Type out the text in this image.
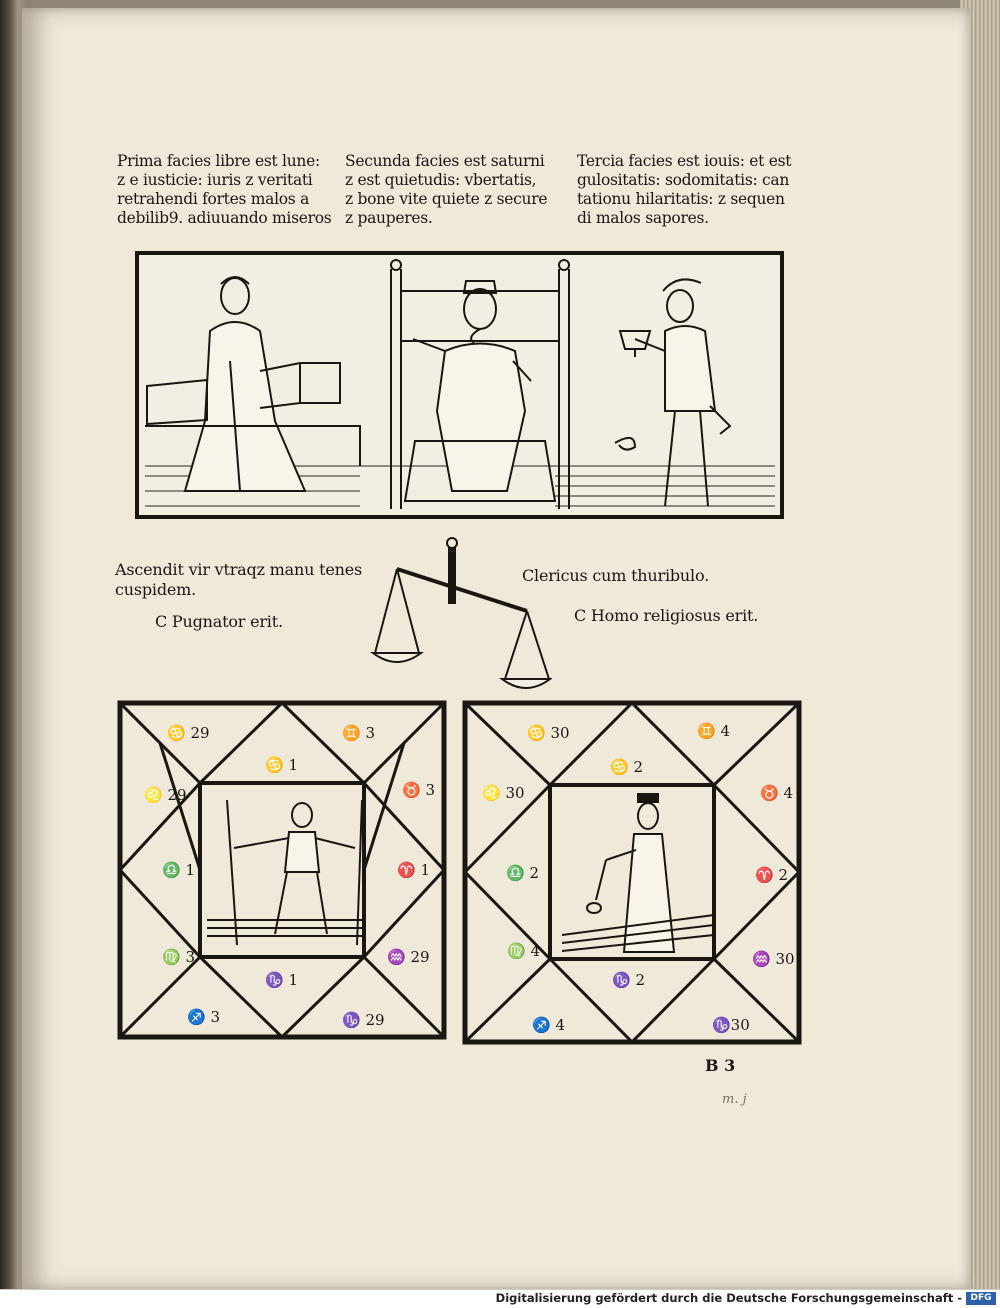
Prima facies libre est lune:
z e iusticie: iuris z veritati
retrahendi fortes malos a
debilib9. adiuuando miseros
Secunda facies est saturni
z est quietudis: vbertatis,
z bone vite quiete z secure
z pauperes.
Tercia facies est iouis: et est
gulositatis: sodomitatis: can
tationu hilaritatis: z sequen
di malos sapores.
Ascendit vir vtraqz manu tenes
cuspidem.
C Pugnator erit.
Clericus cum thuribulo.
C Homo religiosus erit.
♋ 29	♊ 3
♋ 1
♌ 29	♉ 3
♎ 1	♈ 1
♍ 3	♒ 29
♑ 1
♐ 3	♑ 29
♋ 30	♊ 4
♋ 2
♌ 30	♉ 4
♎ 2	♈ 2
♍ 4	♒ 30
♑ 2
♐ 4	♑30
B 3
m. j
Digitalisierung gefördert durch die Deutsche Forschungsgemeinschaft - DFG
